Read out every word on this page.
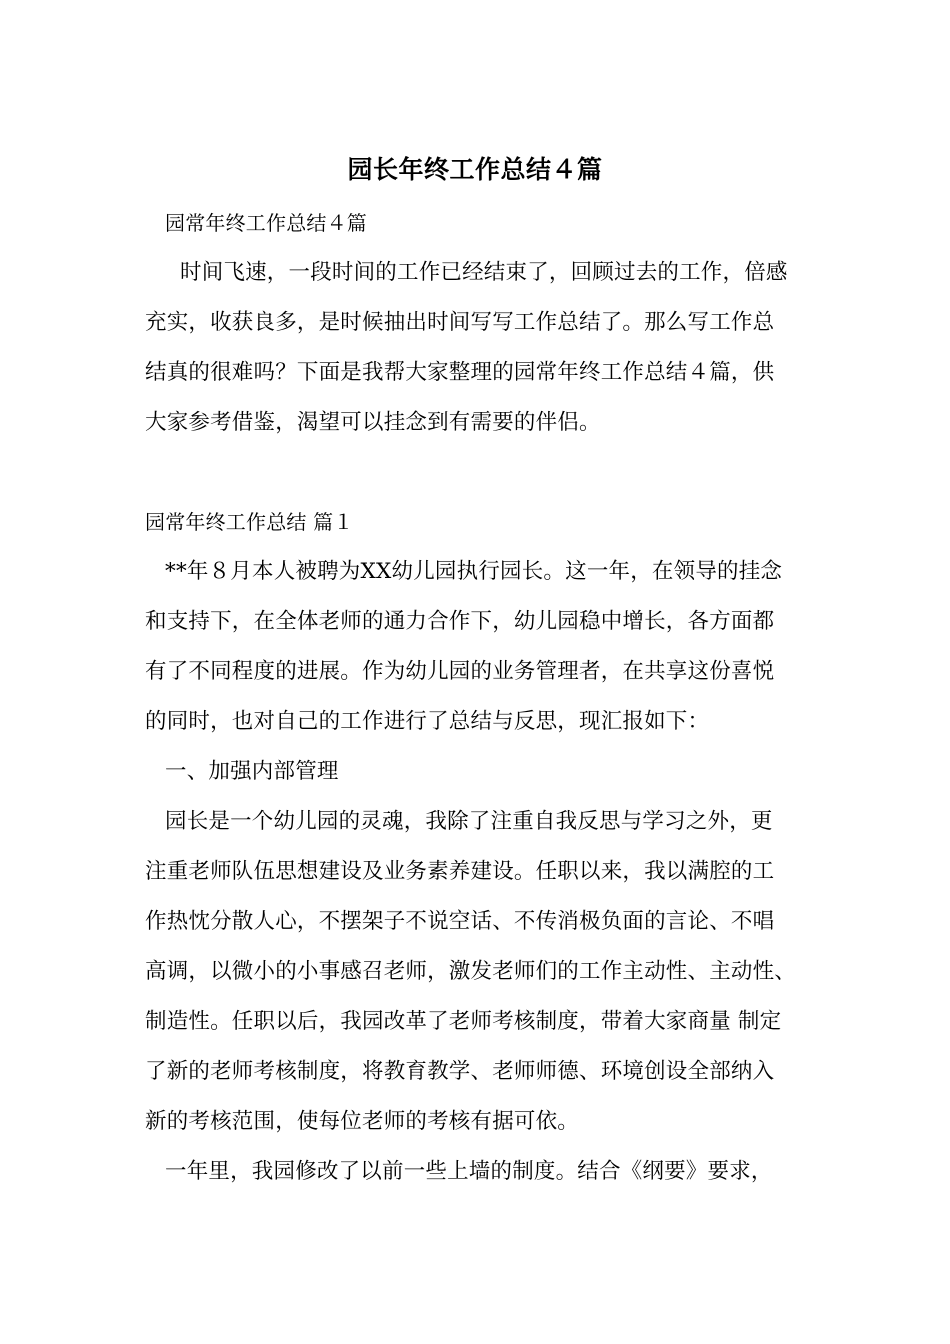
园长年终工作总结４篇
园常年终工作总结４篇
时间飞速，一段时间的工作已经结束了，回顾过去的工作，倍感
充实，收获良多，是时候抽出时间写写工作总结了。那么写工作总
结真的很难吗？下面是我帮大家整理的园常年终工作总结４篇，供
大家参考借鉴，渴望可以挂念到有需要的伴侣。
园常年终工作总结 篇１
**年８月本人被聘为XX幼儿园执行园长。这一年，在领导的挂念
和支持下，在全体老师的通力合作下，幼儿园稳中增长，各方面都
有了不同程度的进展。作为幼儿园的业务管理者，在共享这份喜悦
的同时，也对自己的工作进行了总结与反思，现汇报如下：
一、加强内部管理
园长是一个幼儿园的灵魂，我除了注重自我反思与学习之外，更
注重老师队伍思想建设及业务素养建设。任职以来，我以满腔的工
作热忱分散人心，不摆架子不说空话、不传消极负面的言论、不唱
高调，以微小的小事感召老师，激发老师们的工作主动性、主动性、
制造性。任职以后，我园改革了老师考核制度，带着大家商量 制定
了新的老师考核制度，将教育教学、老师师德、环境创设全部纳入
新的考核范围，使每位老师的考核有据可依。
一年里，我园修改了以前一些上墙的制度。结合《纲要》要求，
